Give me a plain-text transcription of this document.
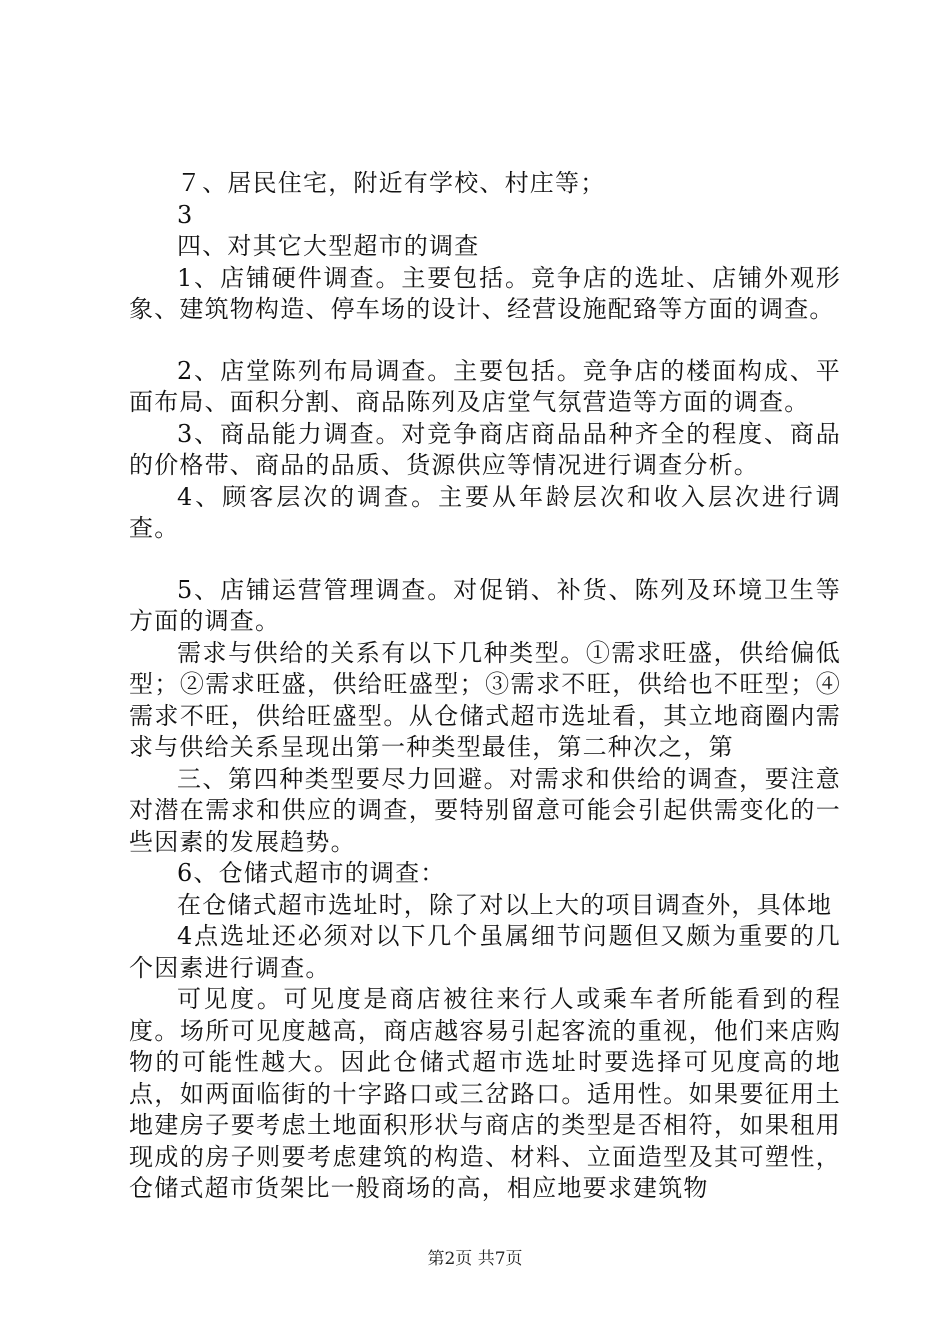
７、居民住宅，附近有学校、村庄等；

3

四、对其它大型超市的调查

1、店铺硬件调查。主要包括。竞争店的选址、店铺外观形象、建筑物构造、停车场的设计、经营设施配臵等方面的调查。

2、店堂陈列布局调查。主要包括。竞争店的楼面构成、平面布局、面积分割、商品陈列及店堂气氛营造等方面的调查。

3、商品能力调查。对竞争商店商品品种齐全的程度、商品的价格带、商品的品质、货源供应等情况进行调查分析。

4、顾客层次的调查。主要从年龄层次和收入层次进行调查。

5、店铺运营管理调查。对促销、补货、陈列及环境卫生等方面的调查。

需求与供给的关系有以下几种类型。①需求旺盛，供给偏低型；②需求旺盛，供给旺盛型；③需求不旺，供给也不旺型；④需求不旺，供给旺盛型。从仓储式超市选址看，其立地商圈内需求与供给关系呈现出第一种类型最佳，第二种次之，第

三、第四种类型要尽力回避。对需求和供给的调查，要注意对潜在需求和供应的调查，要特别留意可能会引起供需变化的一些因素的发展趋势。

6、仓储式超市的调查：

在仓储式超市选址时，除了对以上大的项目调查外，具体地

4点选址还必须对以下几个虽属细节问题但又颇为重要的几个因素进行调查。

可见度。可见度是商店被往来行人或乘车者所能看到的程度。场所可见度越高，商店越容易引起客流的重视，他们来店购物的可能性越大。因此仓储式超市选址时要选择可见度高的地点，如两面临街的十字路口或三岔路口。适用性。如果要征用土地建房子要考虑土地面积形状与商店的类型是否相符，如果租用现成的房子则要考虑建筑的构造、材料、立面造型及其可塑性，仓储式超市货架比一般商场的高，相应地要求建筑物

第2页 共7页
